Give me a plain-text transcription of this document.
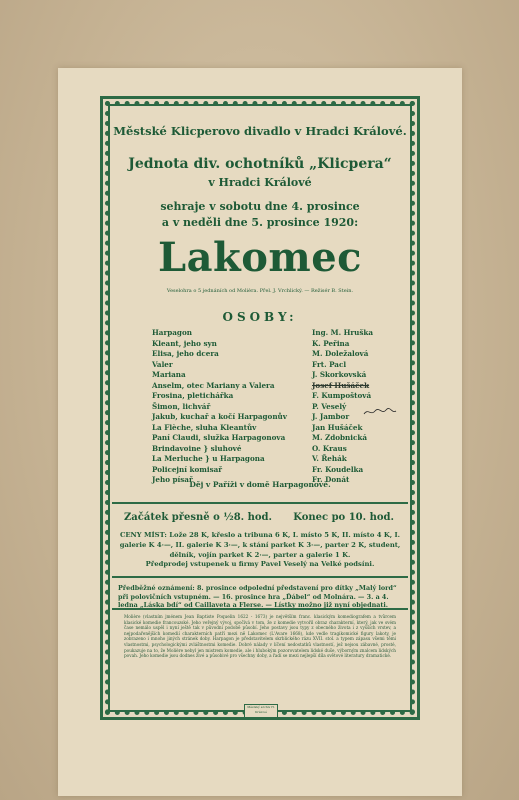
Městské Klicperovo divadlo v Hradci Králové.
Jednota div. ochotníků „Klicpera“
v Hradci Králové
sehraje v sobotu dne 4. prosince
a v neděli dne 5. prosince 1920:
Lakomec
Veselohra o 5 jednáních od Molièra. Přel. J. Vrchlický. — Režisér B. Stein.
OSOBY:
Harpagon	Ing. M. Hruška
Kleant, jeho syn	K. Peřina
Elisa, jeho dcera	M. Doležalová
Valer	Frt. Pacl
Mariana	J. Skorkovská
Anselm, otec Mariany a Valera	Josef Hušáček
Frosina, pletichářka	F. Kumpoštová
Šimon, lichvář	P. Veselý
Jakub, kuchař a kočí Harpagonův	J. Jambor
La Flèche, sluha Kleantův	Jan Hušáček
Paní Claudi, služka Harpagonova	M. Zdobnická
Brindavoine } sluhové	O. Kraus
La Merluche } u Harpagona	V. Řehák
Policejní komisař	Fr. Koudelka
Jeho písař	Fr. Donát
Děj v Paříži v domě Harpagonově.
Začátek přesně o ½8. hod. Konec po 10. hod.
CENY MÍST: Lože 28 K, křeslo a tribuna 6 K, I. místo 5 K, II. místo 4 K, I. galerie K 4·—, II. galerie K 3·—, k stání parket K 3·—, parter 2 K, student, dělník, vojín parket K 2·—, parter a galerie 1 K.
Předprodej vstupenek u firmy Pavel Veselý na Velké podsíni.
Předběžné oznámení: 8. prosince odpolední představení pro dítky „Malý lord“ při polovičních vstupném. — 16. prosince hra „Ďábel“ od Molnára. — 3. a 4. ledna „Láska bdí“ od Caillaveta a Flerse. — Lístky možno již nyní objednati.
Molière (vlastním jménem Jean Baptiste Poquelin 1622 - 1673) je největším franc. klasickým komediografem a tvůrcem klasické komedie francouzské. Jeho veřejný vývoj, spočívá v tom, že z komedie vytvořil obraz charakterní, který, jak ve svém čase nemálo uspěl i nyní ještě tak v původní podobě působí. Jeho postavy jsou typy z obecného života i z vyšších vrstev, a nejpodařenějších komedií charakterních patří mezi ně Lakomec (L'Avare 1668), kde vedle tragikomické figury lakoty, je zobrazeno i mnoho jiných stránek doby. Harpagon je představitelem skrblického rázu XVII. stol. a typem zápasu všemi těmi vlastnostmi, psychologickými zvláštnostmi komedie. Dobré nálady v líčení nedostatků vlastností, jež nejsou zábavné, prosté, poukazuje na to, že Molière nebyl jen mistrem komedie, ale i hlubokým pozorovatelem lidské duše, výborným znalcem lidských povah. Jeho komedie jsou dodnes živé a působivé pro všechny doby, a řadí se mezi nejlepší díla světové literatury dramatické.
Městský archiv H. Králové
